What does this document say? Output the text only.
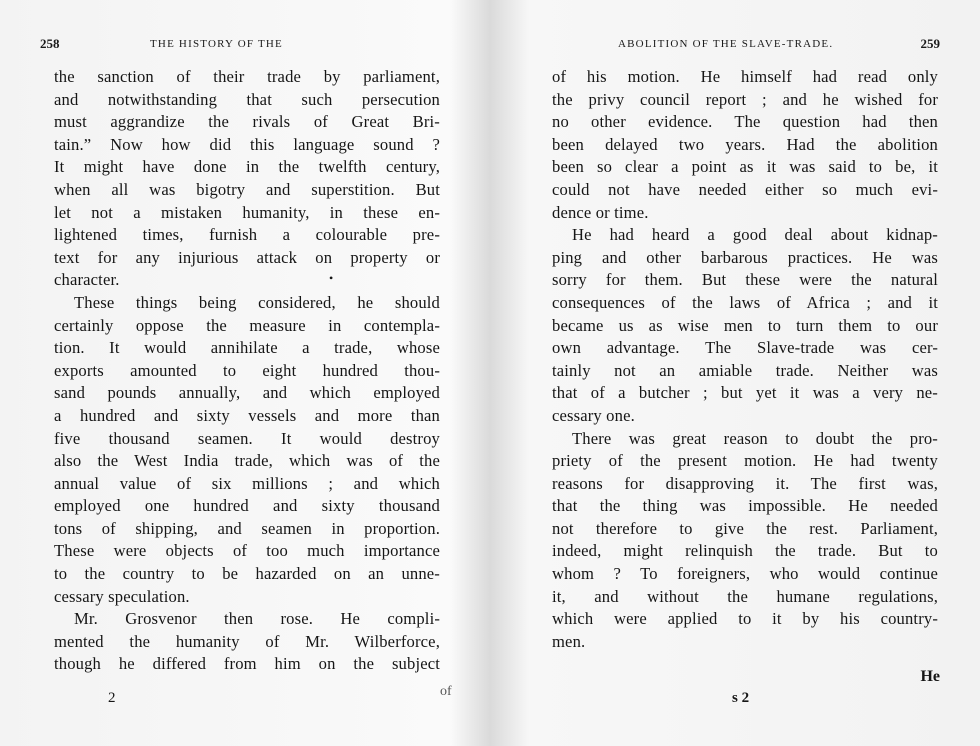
258	THE HISTORY OF THE
the sanction of their trade by parliament,
and notwithstanding that such persecution
must aggrandize the rivals of Great Bri-
tain.” Now how did this language sound ?
It might have done in the twelfth century,
when all was bigotry and superstition. But
let not a mistaken humanity, in these en-
lightened times, furnish a colourable pre-
text for any injurious attack on property or
character. •
These things being considered, he should
certainly oppose the measure in contempla-
tion. It would annihilate a trade, whose
exports amounted to eight hundred thou-
sand pounds annually, and which employed
a hundred and sixty vessels and more than
five thousand seamen. It would destroy
also the West India trade, which was of the
annual value of six millions ; and which
employed one hundred and sixty thousand
tons of shipping, and seamen in proportion.
These were objects of too much importance
to the country to be hazarded on an unne-
cessary speculation.
Mr. Grosvenor then rose. He compli-
mented the humanity of Mr. Wilberforce,
though he differed from him on the subject
2	of
ABOLITION OF THE SLAVE-TRADE.	259
of his motion. He himself had read only
the privy council report ; and he wished for
no other evidence. The question had then
been delayed two years. Had the abolition
been so clear a point as it was said to be, it
could not have needed either so much evi-
dence or time.
He had heard a good deal about kidnap-
ping and other barbarous practices. He was
sorry for them. But these were the natural
consequences of the laws of Africa ; and it
became us as wise men to turn them to our
own advantage. The Slave-trade was cer-
tainly not an amiable trade. Neither was
that of a butcher ; but yet it was a very ne-
cessary one.
There was great reason to doubt the pro-
priety of the present motion. He had twenty
reasons for disapproving it. The first was,
that the thing was impossible. He needed
not therefore to give the rest. Parliament,
indeed, might relinquish the trade. But to
whom ? To foreigners, who would continue
it, and without the humane regulations,
which were applied to it by his country-
men.
s 2
He
